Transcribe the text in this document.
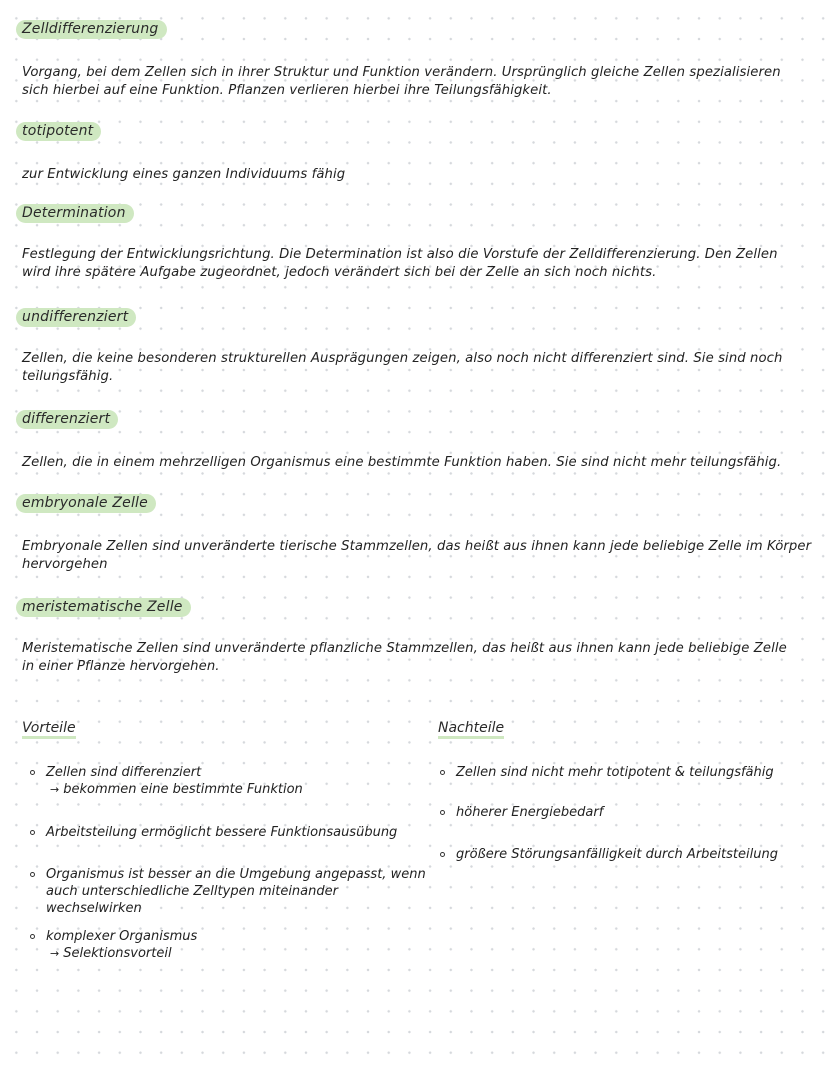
Zelldifferenzierung
Vorgang, bei dem Zellen sich in ihrer Struktur und Funktion verändern. Ursprünglich gleiche Zellen spezialisieren sich hierbei auf eine Funktion. Pflanzen verlieren hierbei ihre Teilungsfähigkeit.
totipotent
zur Entwicklung eines ganzen Individuums fähig
Determination
Festlegung der Entwicklungsrichtung. Die Determination ist also die Vorstufe der Zelldifferenzierung. Den Zellen wird ihre spätere Aufgabe zugeordnet, jedoch verändert sich bei der Zelle an sich noch nichts.
undifferenziert
Zellen, die keine besonderen strukturellen Ausprägungen zeigen, also noch nicht differenziert sind. Sie sind noch teilungsfähig.
differenziert
Zellen, die in einem mehrzelligen Organismus eine bestimmte Funktion haben. Sie sind nicht mehr teilungsfähig.
embryonale Zelle
Embryonale Zellen sind unveränderte tierische Stammzellen, das heißt aus ihnen kann jede beliebige Zelle im Körper hervorgehen
meristematische Zelle
Meristematische Zellen sind unveränderte pflanzliche Stammzellen, das heißt aus ihnen kann jede beliebige Zelle in einer Pflanze hervorgehen.
Vorteile
Zellen sind differenziert
→ bekommen eine bestimmte Funktion
Arbeitsteilung ermöglicht bessere Funktionsausübung
Organismus ist besser an die Umgebung angepasst, wenn auch unterschiedliche Zelltypen miteinander wechselwirken
komplexer Organismus
→ Selektionsvorteil
Nachteile
Zellen sind nicht mehr totipotent & teilungsfähig
höherer Energiebedarf
größere Störungsanfälligkeit durch Arbeitsteilung
